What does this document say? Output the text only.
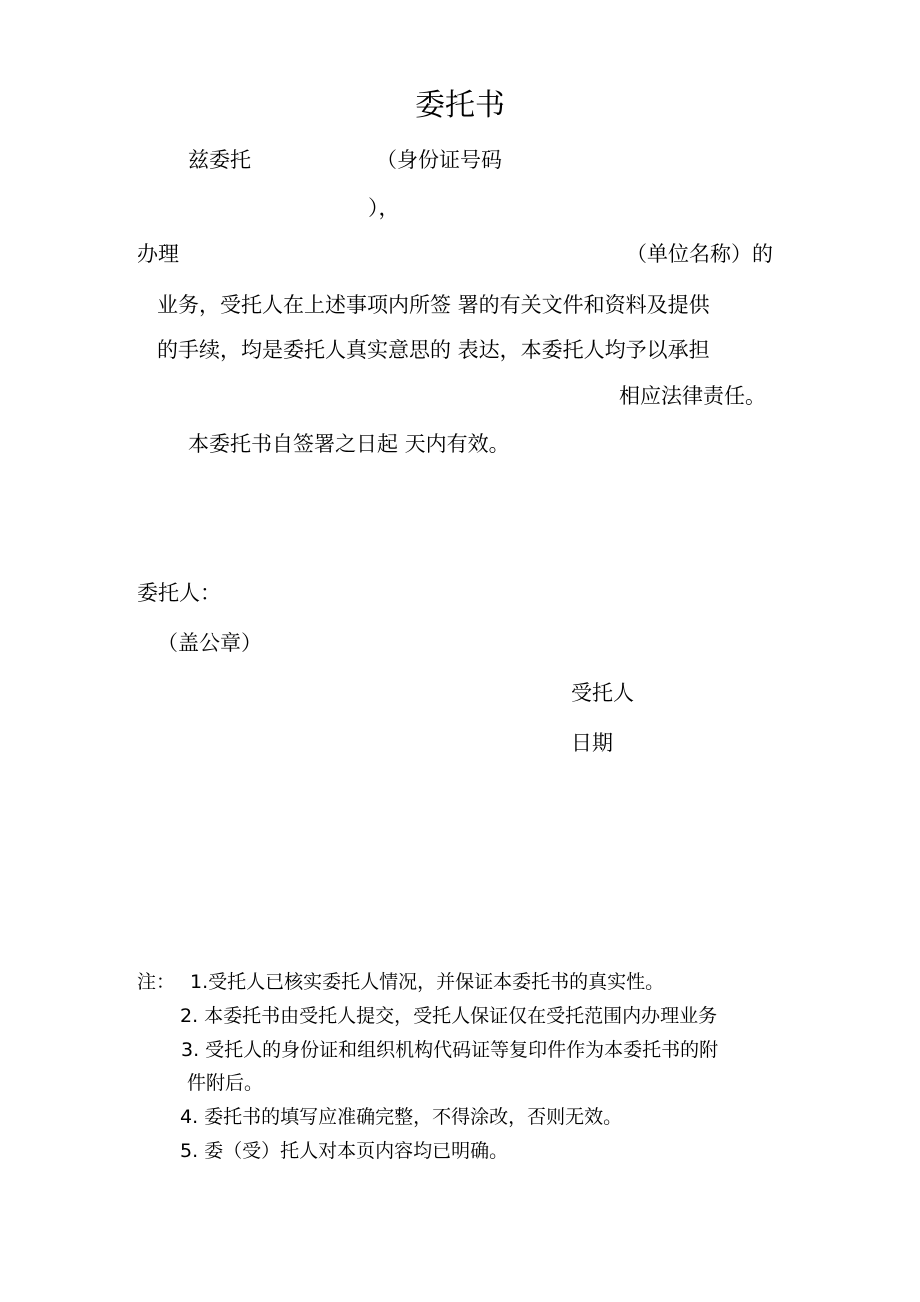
委托书
兹委托	（身份证号码
），
办理	（单位名称）的
业务，受托人在上述事项内所签 署的有关文件和资料及提供
的手续，均是委托人真实意思的 表达，本委托人均予以承担
相应法律责任。
本委托书自签署之日起 天内有效。
委托人：
（盖公章）
受托人
日期
注： 1.受托人已核实委托人情况，并保证本委托书的真实性。
2. 本委托书由受托人提交，受托人保证仅在受托范围内办理业务
3. 受托人的身份证和组织机构代码证等复印件作为本委托书的附
件附后。
4. 委托书的填写应准确完整，不得涂改，否则无效。
5. 委（受）托人对本页内容均已明确。
